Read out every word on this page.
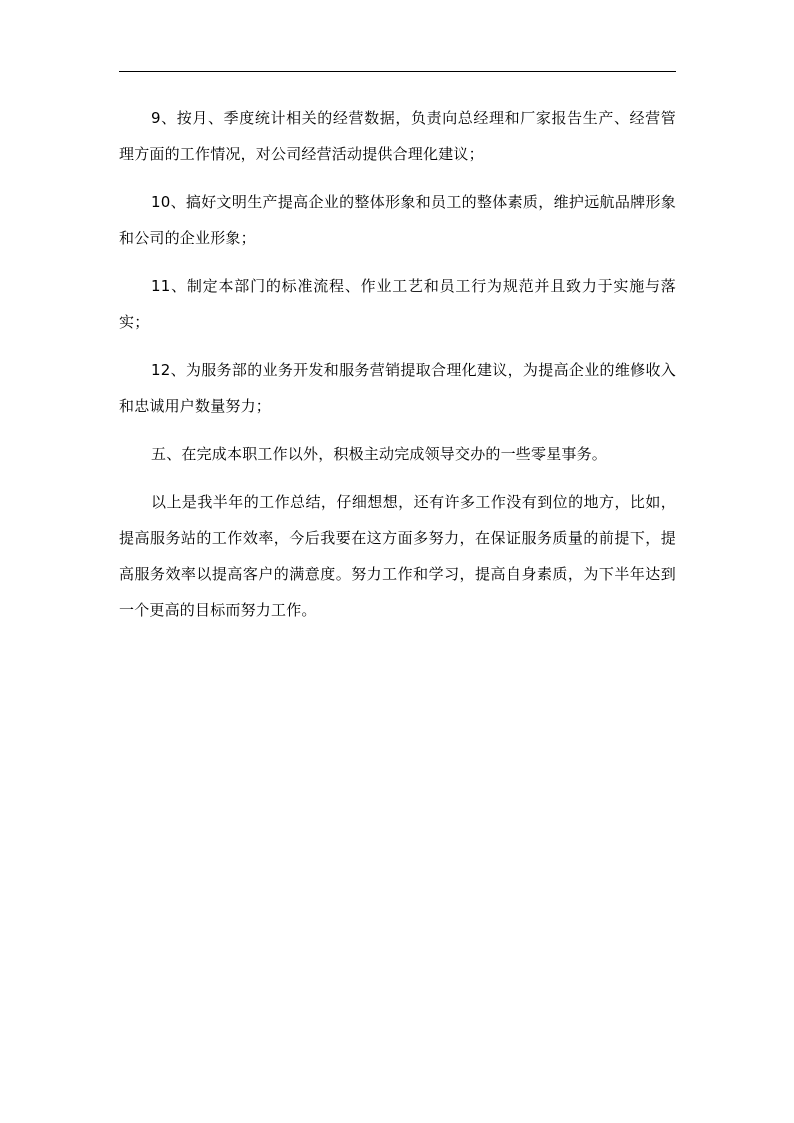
9、按月、季度统计相关的经营数据，负责向总经理和厂家报告生产、经营管理方面的工作情况，对公司经营活动提供合理化建议；

10、搞好文明生产提高企业的整体形象和员工的整体素质，维护远航品牌形象和公司的企业形象；

11、制定本部门的标准流程、作业工艺和员工行为规范并且致力于实施与落实；

12、为服务部的业务开发和服务营销提取合理化建议，为提高企业的维修收入和忠诚用户数量努力；

五、在完成本职工作以外，积极主动完成领导交办的一些零星事务。

以上是我半年的工作总结，仔细想想，还有许多工作没有到位的地方，比如，提高服务站的工作效率，今后我要在这方面多努力，在保证服务质量的前提下，提高服务效率以提高客户的满意度。努力工作和学习，提高自身素质，为下半年达到一个更高的目标而努力工作。
